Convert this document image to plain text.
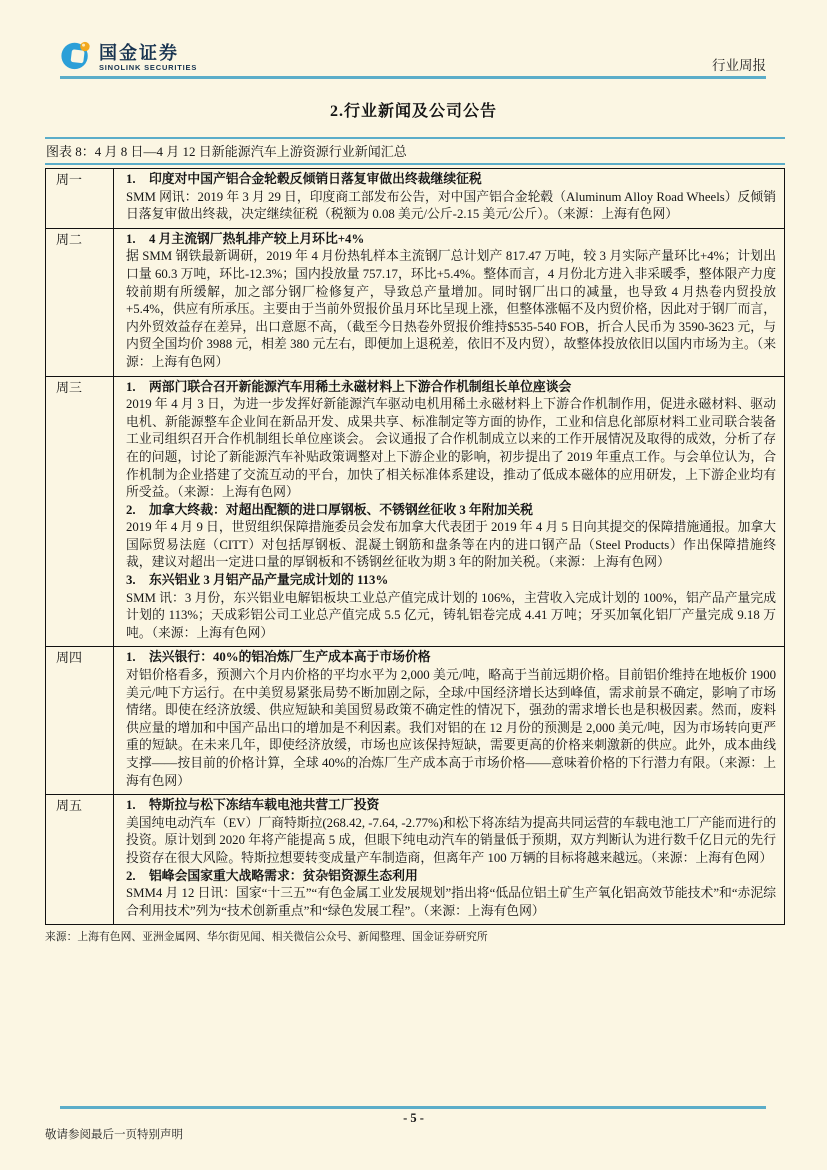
国金证券
SINOLINK SECURITIES	行业周报
2.行业新闻及公司公告
图表 8：4 月 8 日—4 月 12 日新能源汽车上游资源行业新闻汇总
周一	1.	印度对中国产铝合金轮毂反倾销日落复审做出终裁继续征税

SMM 网讯：2019 年 3 月 29 日，印度商工部发布公告，对中国产铝合金轮毂（Aluminum Alloy Road Wheels）反倾销日落复审做出终裁，决定继续征税（税额为 0.08 美元/公斤-2.15 美元/公斤）。（来源：上海有色网）

周二	1.	4 月主流钢厂热轧排产较上月环比+4%

据 SMM 钢铁最新调研，2019 年 4 月份热轧样本主流钢厂总计划产 817.47 万吨，较 3 月实际产量环比+4%；计划出口量 60.3 万吨，环比-12.3%；国内投放量 757.17，环比+5.4%。整体而言，4 月份北方进入非采暖季，整体限产力度较前期有所缓解，加之部分钢厂检修复产，导致总产量增加。同时钢厂出口的减量，也导致 4 月热卷内贸投放+5.4%，供应有所承压。主要由于当前外贸报价虽月环比呈现上涨，但整体涨幅不及内贸价格，因此对于钢厂而言，内外贸效益存在差异，出口意愿不高，（截至今日热卷外贸报价维持$535-540 FOB，折合人民币为 3590-3623 元，与内贸全国均价 3988 元，相差 380 元左右，即便加上退税差，依旧不及内贸），故整体投放依旧以国内市场为主。（来源：上海有色网）

周三	1.	两部门联合召开新能源汽车用稀土永磁材料上下游合作机制组长单位座谈会

2019 年 4 月 3 日，为进一步发挥好新能源汽车驱动电机用稀土永磁材料上下游合作机制作用，促进永磁材料、驱动电机、新能源整车企业间在新品开发、成果共享、标准制定等方面的协作，工业和信息化部原材料工业司联合装备工业司组织召开合作机制组长单位座谈会。 会议通报了合作机制成立以来的工作开展情况及取得的成效，分析了存在的问题，讨论了新能源汽车补贴政策调整对上下游企业的影响，初步提出了 2019 年重点工作。与会单位认为，合作机制为企业搭建了交流互动的平台，加快了相关标准体系建设，推动了低成本磁体的应用研发，上下游企业均有所受益。（来源：上海有色网）

2.	加拿大终裁：对超出配额的进口厚钢板、不锈钢丝征收 3 年附加关税

2019 年 4 月 9 日，世贸组织保障措施委员会发布加拿大代表团于 2019 年 4 月 5 日向其提交的保障措施通报。加拿大国际贸易法庭（CITT）对包括厚钢板、混凝土钢筋和盘条等在内的进口钢产品（Steel Products）作出保障措施终裁，建议对超出一定进口量的厚钢板和不锈钢丝征收为期 3 年的附加关税。（来源：上海有色网）

3.	东兴铝业 3 月铝产品产量完成计划的 113%

SMM 讯：3 月份，东兴铝业电解铝板块工业总产值完成计划的 106%，主营收入完成计划的 100%，铝产品产量完成计划的 113%；天成彩铝公司工业总产值完成 5.5 亿元，铸轧铝卷完成 4.41 万吨；牙买加氧化铝厂产量完成 9.18 万吨。（来源：上海有色网）

周四	1.	法兴银行：40%的铝冶炼厂生产成本高于市场价格

对铝价格看多，预测六个月内价格的平均水平为 2,000 美元/吨，略高于当前远期价格。目前铝价维持在地板价 1900 美元/吨下方运行。在中美贸易紧张局势不断加剧之际，全球/中国经济增长达到峰值，需求前景不确定，影响了市场情绪。即使在经济放缓、供应短缺和美国贸易政策不确定性的情况下，强劲的需求增长也是积极因素。然而，废料供应量的增加和中国产品出口的增加是不利因素。我们对铝的在 12 月份的预测是 2,000 美元/吨，因为市场转向更严重的短缺。在未来几年，即使经济放缓，市场也应该保持短缺，需要更高的价格来刺激新的供应。此外，成本曲线支撑——按目前的价格计算，全球 40%的冶炼厂生产成本高于市场价格——意味着价格的下行潜力有限。（来源：上海有色网）

周五	1.	特斯拉与松下冻结车载电池共营工厂投资

美国纯电动汽车（EV）厂商特斯拉(268.42, -7.64, -2.77%)和松下将冻结为提高共同运营的车载电池工厂产能而进行的投资。原计划到 2020 年将产能提高 5 成，但眼下纯电动汽车的销量低于预期，双方判断认为进行数千亿日元的先行投资存在很大风险。特斯拉想要转变成量产车制造商，但离年产 100 万辆的目标将越来越远。（来源：上海有色网）

2.	铝峰会国家重大战略需求：贫杂铝资源生态利用

SMM4 月 12 日讯：国家“十三五”“有色金属工业发展规划”指出将“低品位铝土矿生产氧化铝高效节能技术”和“赤泥综合利用技术”列为“技术创新重点”和“绿色发展工程”。（来源：上海有色网）

来源：上海有色网、亚洲金属网、华尔街见闻、相关微信公众号、新闻整理、国金证券研究所
- 5 -
敬请参阅最后一页特别声明
